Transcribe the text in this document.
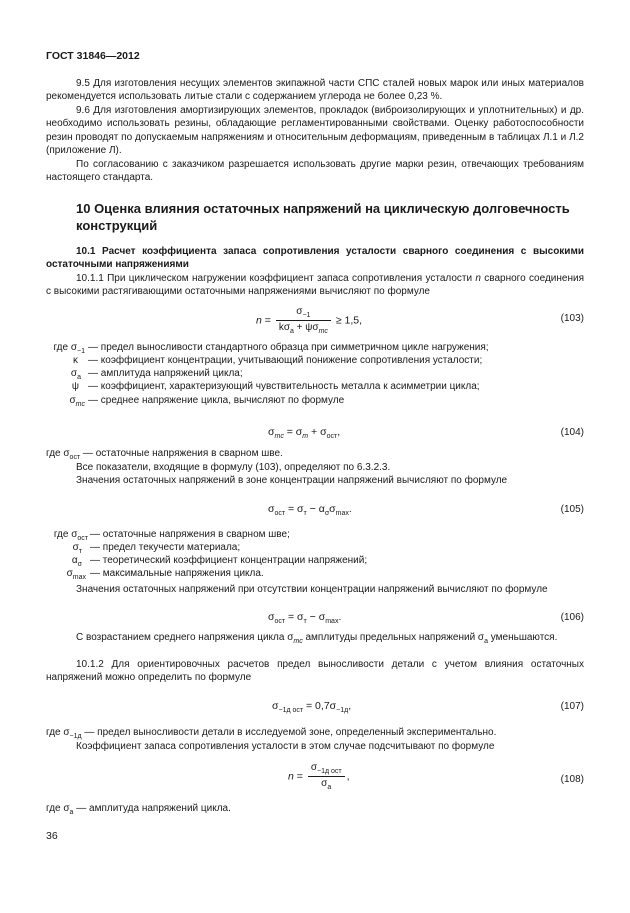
ГОСТ 31846—2012
9.5 Для изготовления несущих элементов экипажной части СПС сталей новых марок или иных материалов рекомендуется использовать литые стали с содержанием углерода не более 0,23 %.
9.6 Для изготовления амортизирующих элементов, прокладок (виброизолирующих и уплотнительных) и др. необходимо использовать резины, обладающие регламентированными свойствами. Оценку работоспособности резин проводят по допускаемым напряжениям и относительным деформациям, приведенным в таблицах Л.1 и Л.2 (приложение Л).
По согласованию с заказчиком разрешается использовать другие марки резин, отвечающих требованиям настоящего стандарта.
10 Оценка влияния остаточных напряжений на циклическую долговечность конструкций
10.1 Расчет коэффициента запаса сопротивления усталости сварного соединения с высокими остаточными напряжениями
10.1.1 При циклическом нагружении коэффициент запаса сопротивления усталости n сварного соединения с высокими растягивающими остаточными напряжениями вычисляют по формуле
$n = \frac{\sigma_{-1}}{k\sigma_a + \psi\sigma_{mc}} \ge 1,5$,	(103)
где $\sigma_{-1}$ — предел выносливости стандартного образца при симметричном цикле нагружения;
κ — коэффициент концентрации, учитывающий понижение сопротивления усталости;
$\sigma_a$ — амплитуда напряжений цикла;
ψ — коэффициент, характеризующий чувствительность металла к асимметрии цикла;
$\sigma_{mc}$ — среднее напряжение цикла, вычисляют по формуле
$\sigma_{mc} = \sigma_m + \sigma_{ост}$,	(104)
где $\sigma_{ост}$ — остаточные напряжения в сварном шве.
Все показатели, входящие в формулу (103), определяют по 6.3.2.3.
Значения остаточных напряжений в зоне концентрации напряжений вычисляют по формуле
$\sigma_{ост} = \sigma_т - \alpha_\sigma\sigma_{max}$.	(105)
где $\sigma_{ост}$ — остаточные напряжения в сварном шве;
$\sigma_т$ — предел текучести материала;
$\alpha_\sigma$ — теоретический коэффициент концентрации напряжений;
$\sigma_{max}$ — максимальные напряжения цикла.
Значения остаточных напряжений при отсутствии концентрации напряжений вычисляют по формуле
$\sigma_{ост} = \sigma_т - \sigma_{max}$.	(106)
С возрастанием среднего напряжения цикла $\sigma_{mc}$ амплитуды предельных напряжений $\sigma_a$ уменьшаются.
10.1.2 Для ориентировочных расчетов предел выносливости детали с учетом влияния остаточных напряжений можно определить по формуле
$\sigma_{-1д ост} = 0,7\sigma_{-1д}$,	(107)
где $\sigma_{-1д}$ — предел выносливости детали в исследуемой зоне, определенный экспериментально.
Коэффициент запаса сопротивления усталости в этом случае подсчитывают по формуле
$n = \frac{\sigma_{-1д ост}}{\sigma_a}$ ,	(108)
где $\sigma_a$ — амплитуда напряжений цикла.
36
